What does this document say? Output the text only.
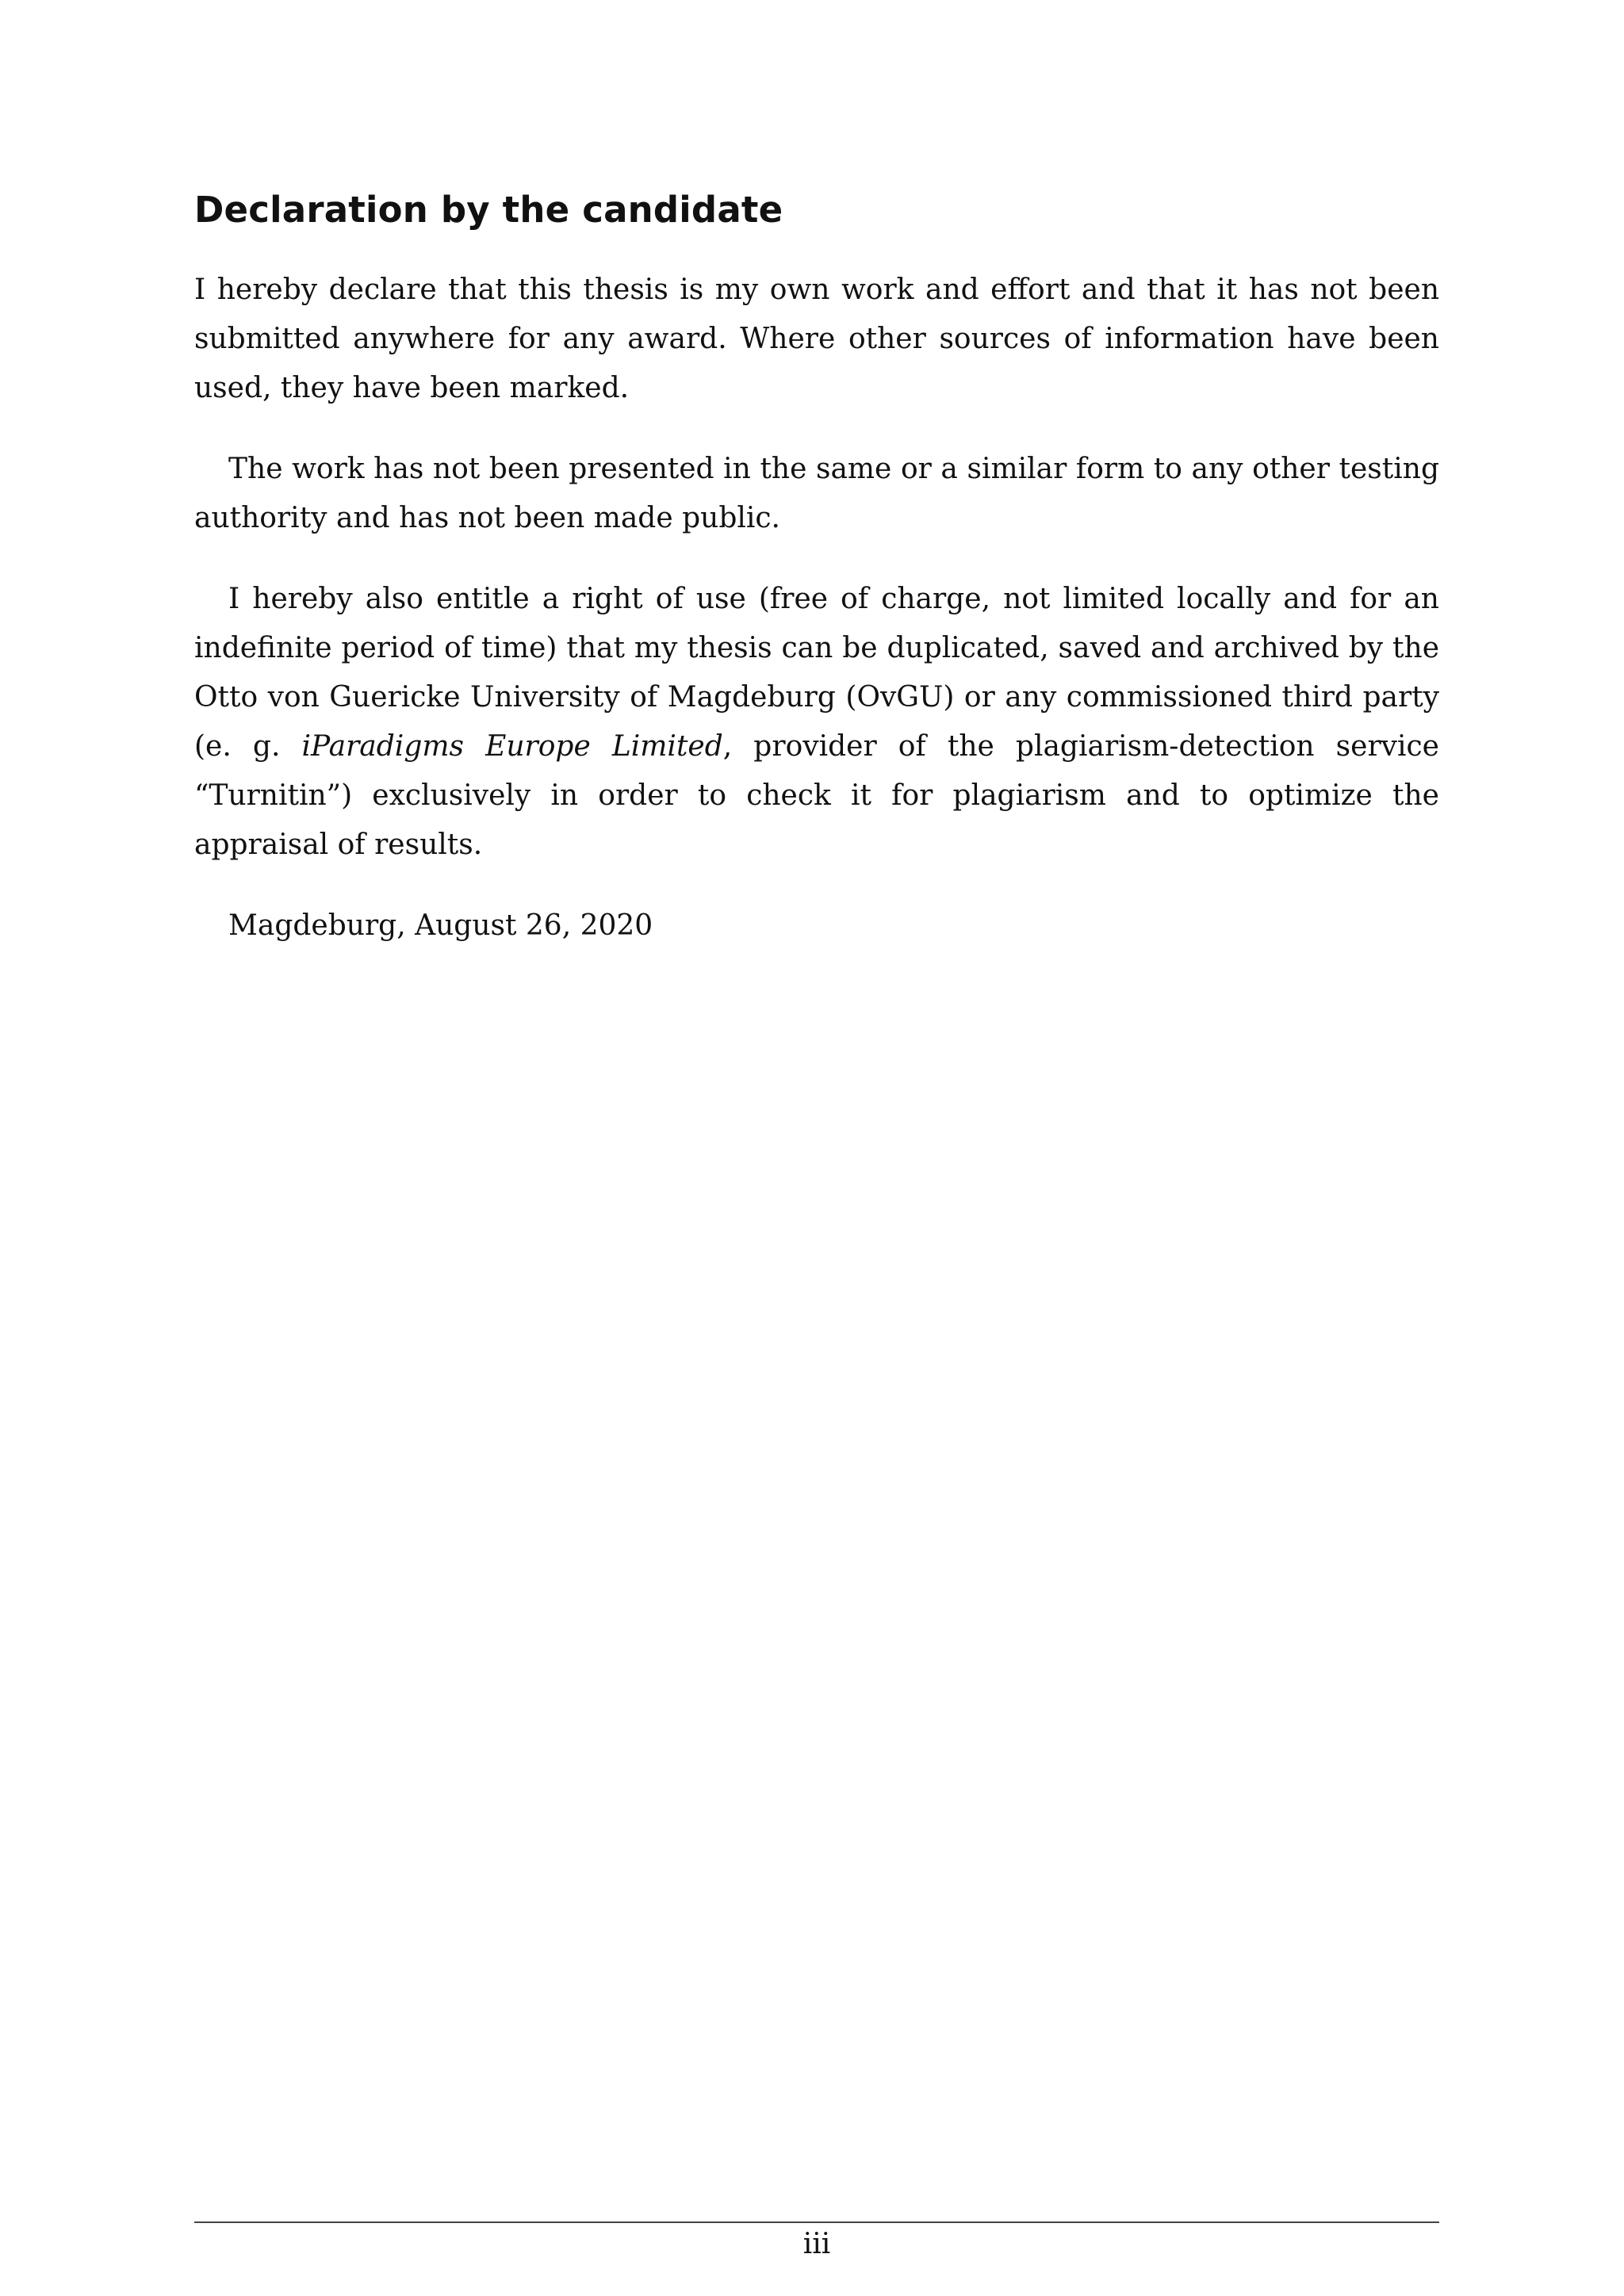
Declaration by the candidate

I hereby declare that this thesis is my own work and effort and that it has not been submitted anywhere for any award. Where other sources of information have been used, they have been marked.

The work has not been presented in the same or a similar form to any other testing authority and has not been made public.

I hereby also entitle a right of use (free of charge, not limited locally and for an indefinite period of time) that my thesis can be duplicated, saved and archived by the Otto von Guericke University of Magdeburg (OvGU) or any commissioned third party (e. g. iParadigms Europe Limited, provider of the plagiarism-detection service “Turnitin”) exclusively in order to check it for plagiarism and to optimize the appraisal of results.

Magdeburg, August 26, 2020

iii
